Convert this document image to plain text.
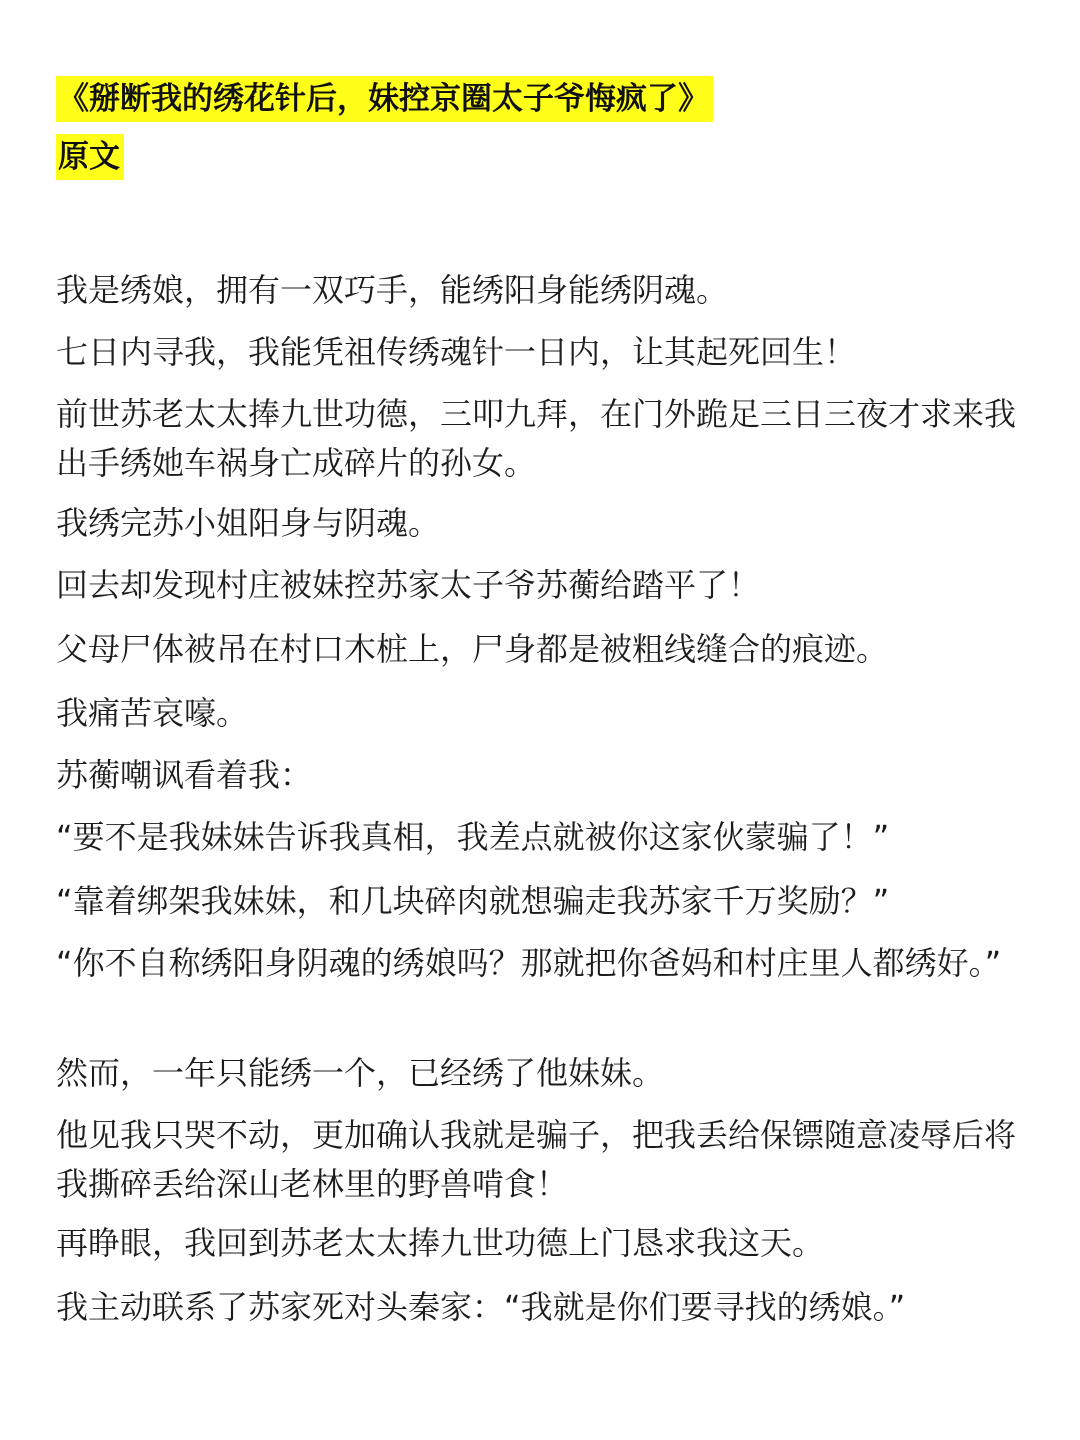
《掰断我的绣花针后，妹控京圈太子爷悔疯了》
原文

我是绣娘，拥有一双巧手，能绣阳身能绣阴魂。

七日内寻我，我能凭祖传绣魂针一日内，让其起死回生！

前世苏老太太捧九世功德，三叩九拜，在门外跪足三日三夜才求来我出手绣她车祸身亡成碎片的孙女。

我绣完苏小姐阳身与阴魂。

回去却发现村庄被妹控苏家太子爷苏蘅给踏平了！

父母尸体被吊在村口木桩上，尸身都是被粗线缝合的痕迹。

我痛苦哀嚎。

苏蘅嘲讽看着我：

“要不是我妹妹告诉我真相，我差点就被你这家伙蒙骗了！”

“靠着绑架我妹妹，和几块碎肉就想骗走我苏家千万奖励？”

“你不自称绣阳身阴魂的绣娘吗？那就把你爸妈和村庄里人都绣好。”

然而，一年只能绣一个，已经绣了他妹妹。

他见我只哭不动，更加确认我就是骗子，把我丢给保镖随意凌辱后将我撕碎丢给深山老林里的野兽啃食！

再睁眼，我回到苏老太太捧九世功德上门恳求我这天。

我主动联系了苏家死对头秦家：“我就是你们要寻找的绣娘。”
